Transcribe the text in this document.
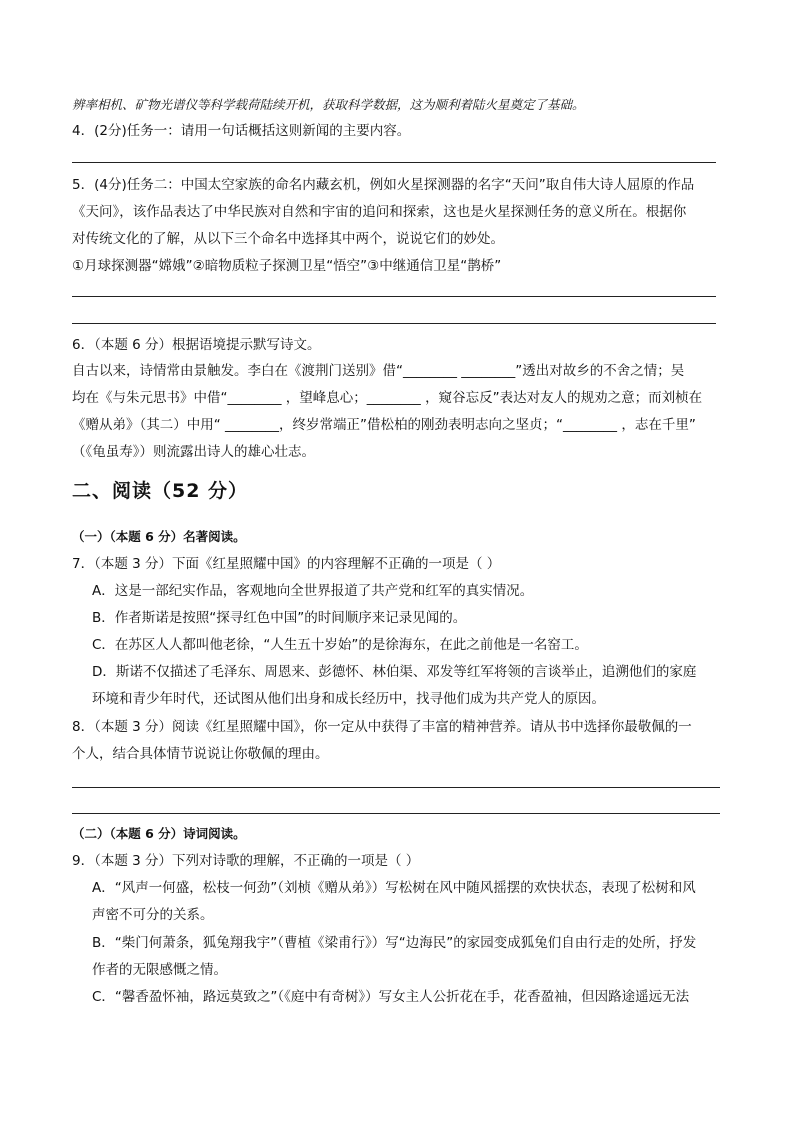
辨率相机、矿物光谱仪等科学载荷陆续开机，获取科学数据，这为顺利着陆火星奠定了基础。
4．(2分)任务一：请用一句话概括这则新闻的主要内容。
5．(4分)任务二：中国太空家族的命名内藏玄机，例如火星探测器的名字“天问”取自伟大诗人屈原的作品
《天问》，该作品表达了中华民族对自然和宇宙的追问和探索，这也是火星探测任务的意义所在。根据你
对传统文化的了解，从以下三个命名中选择其中两个，说说它们的妙处。
①月球探测器“嫦娥”②暗物质粒子探测卫星“悟空”③中继通信卫星“鹊桥”
6．（本题 6 分）根据语境提示默写诗文。
自古以来，诗情常由景触发。李白在《渡荆门送别》借“________ ________”透出对故乡的不舍之情；吴
均在《与朱元思书》中借“________ ，望峰息心；________ ，窥谷忘反”表达对友人的规劝之意；而刘桢在
《赠从弟》（其二）中用“ ________，终岁常端正”借松柏的刚劲表明志向之坚贞；“________ ，志在千里”
（《龟虽寿》）则流露出诗人的雄心壮志。
二、阅读（52 分）
（一）（本题 6 分）名著阅读。
7．（本题 3 分）下面《红星照耀中国》的内容理解不正确的一项是（ ）
A．这是一部纪实作品，客观地向全世界报道了共产党和红军的真实情况。
B．作者斯诺是按照“探寻红色中国”的时间顺序来记录见闻的。
C．在苏区人人都叫他老徐，“人生五十岁始”的是徐海东，在此之前他是一名窑工。
D．斯诺不仅描述了毛泽东、周恩来、彭德怀、林伯渠、邓发等红军将领的言谈举止，追溯他们的家庭
环境和青少年时代，还试图从他们出身和成长经历中，找寻他们成为共产党人的原因。
8．（本题 3 分）阅读《红星照耀中国》，你一定从中获得了丰富的精神营养。请从书中选择你最敬佩的一
个人，结合具体情节说说让你敬佩的理由。
（二）（本题 6 分）诗词阅读。
9．（本题 3 分）下列对诗歌的理解，不正确的一项是（ ）
A．“风声一何盛，松枝一何劲”（刘桢《赠从弟》）写松树在风中随风摇摆的欢快状态，表现了松树和风
声密不可分的关系。
B．“柴门何萧条，狐兔翔我宇”（曹植《梁甫行》）写“边海民”的家园变成狐兔们自由行走的处所，抒发
作者的无限感慨之情。
C．“馨香盈怀袖，路远莫致之”（《庭中有奇树》）写女主人公折花在手，花香盈袖，但因路途遥远无法
